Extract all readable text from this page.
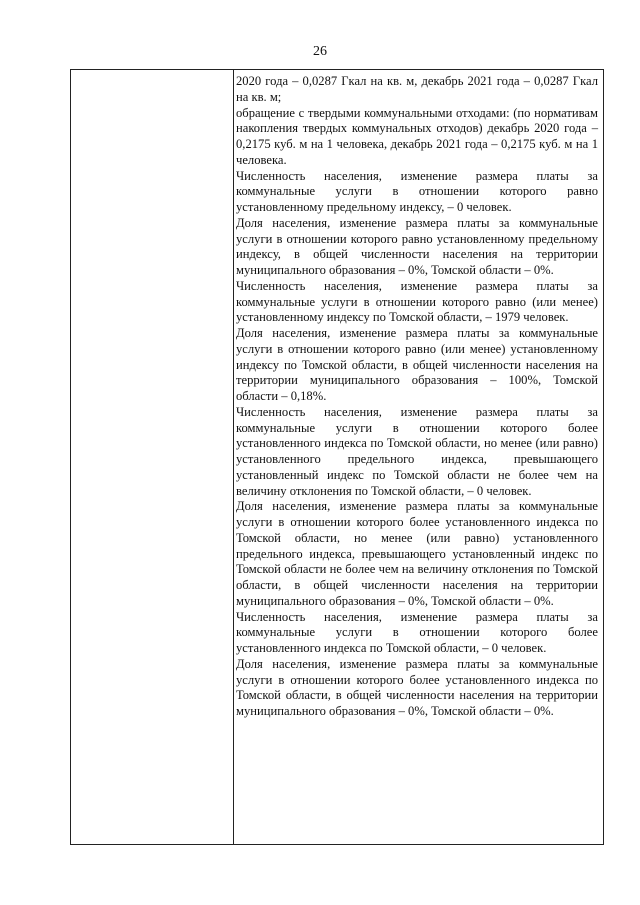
26

2020 года – 0,0287 Гкал на кв. м, декабрь 2021 года – 0,0287 Гкал на кв. м;

обращение с твердыми коммунальными отходами: (по нормативам накопления твердых коммунальных отходов) декабрь 2020 года – 0,2175 куб. м на 1 человека, декабрь 2021 года – 0,2175 куб. м на 1 человека.

Численность населения, изменение размера платы за коммунальные услуги в отношении которого равно установленному предельному индексу, – 0 человек.

Доля населения, изменение размера платы за коммунальные услуги в отношении которого равно установленному предельному индексу, в общей численности населения на территории муниципального образования – 0%, Томской области – 0%.

Численность населения, изменение размера платы за коммунальные услуги в отношении которого равно (или менее) установленному индексу по Томской области, – 1979 человек.

Доля населения, изменение размера платы за коммунальные услуги в отношении которого равно (или менее) установленному индексу по Томской области, в общей численности населения на территории муниципального образования – 100%, Томской области – 0,18%.

Численность населения, изменение размера платы за коммунальные услуги в отношении которого более установленного индекса по Томской области, но менее (или равно) установленного предельного индекса, превышающего установленный индекс по Томской области не более чем на величину отклонения по Томской области, – 0 человек.

Доля населения, изменение размера платы за коммунальные услуги в отношении которого более установленного индекса по Томской области, но менее (или равно) установленного предельного индекса, превышающего установленный индекс по Томской области не более чем на величину отклонения по Томской области, в общей численности населения на территории муниципального образования – 0%, Томской области – 0%.

Численность населения, изменение размера платы за коммунальные услуги в отношении которого более установленного индекса по Томской области, – 0 человек.

Доля населения, изменение размера платы за коммунальные услуги в отношении которого более установленного индекса по Томской области, в общей численности населения на территории муниципального образования – 0%, Томской области – 0%.
